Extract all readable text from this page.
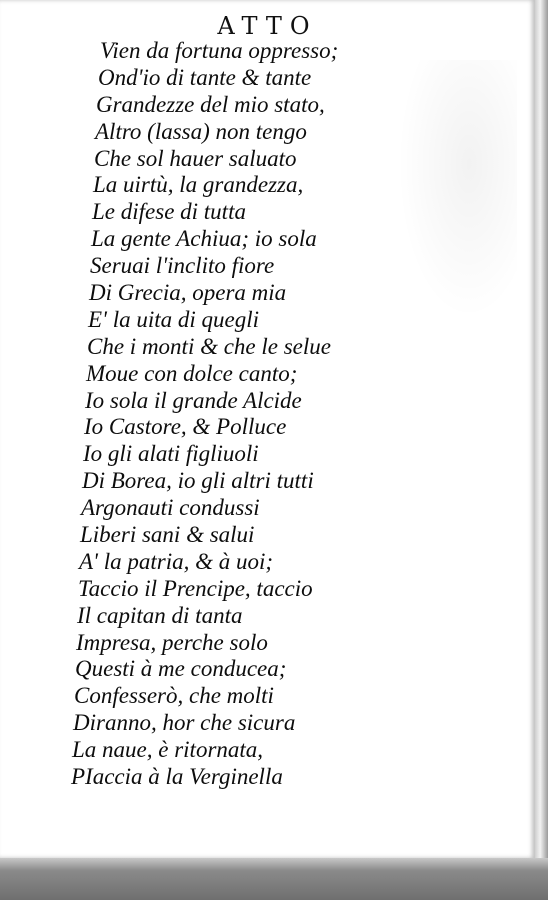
ATTO
Vien da fortuna oppresso;
Ond'io di tante & tante
Grandezze del mio stato,
Altro (lassa) non tengo
Che sol hauer saluato
La uirtù, la grandezza,
Le difese di tutta
La gente Achiua; io sola
Seruai l'inclito fiore
Di Grecia, opera mia
E' la uita di quegli
Che i monti & che le selue
Moue con dolce canto;
Io sola il grande Alcide
Io Castore, & Polluce
Io gli alati figliuoli
Di Borea, io gli altri tutti
Argonauti condussi
Liberi sani & salui
A' la patria, & à uoi;
Taccio il Prencipe, taccio
Il capitan di tanta
Impresa, perche solo
Questi à me conducea;
Confesserò, che molti
Diranno, hor che sicura
La naue, è ritornata,
PIaccia à la Verginella
